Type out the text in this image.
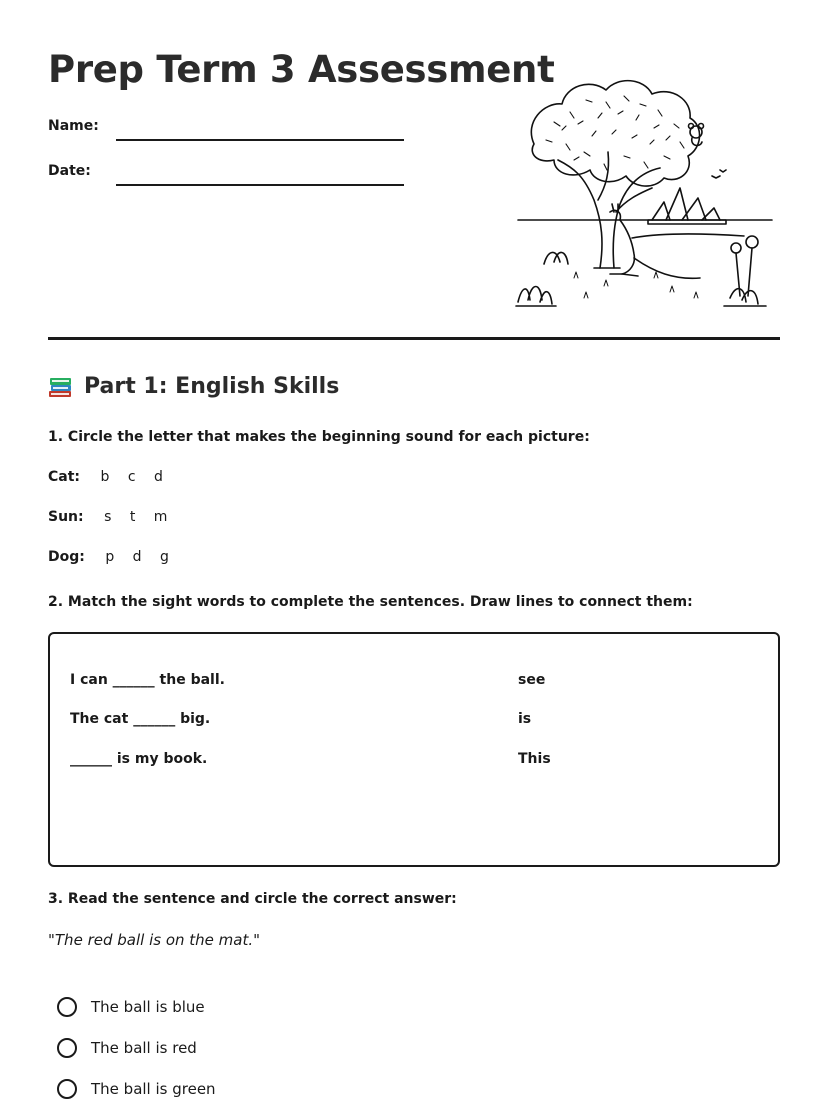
Prep Term 3 Assessment
Name:
Date:
Part 1: English Skills

1. Circle the letter that makes the beginning sound for each picture:

Cat: b c d
Sun: s t m
Dog: p d g

2. Match the sight words to complete the sentences. Draw lines to connect them:

I can ______ the ball.
The cat ______ big.
______ is my book.
see
is
This

3. Read the sentence and circle the correct answer:

"The red ball is on the mat."
The ball is blue
The ball is red
The ball is green
